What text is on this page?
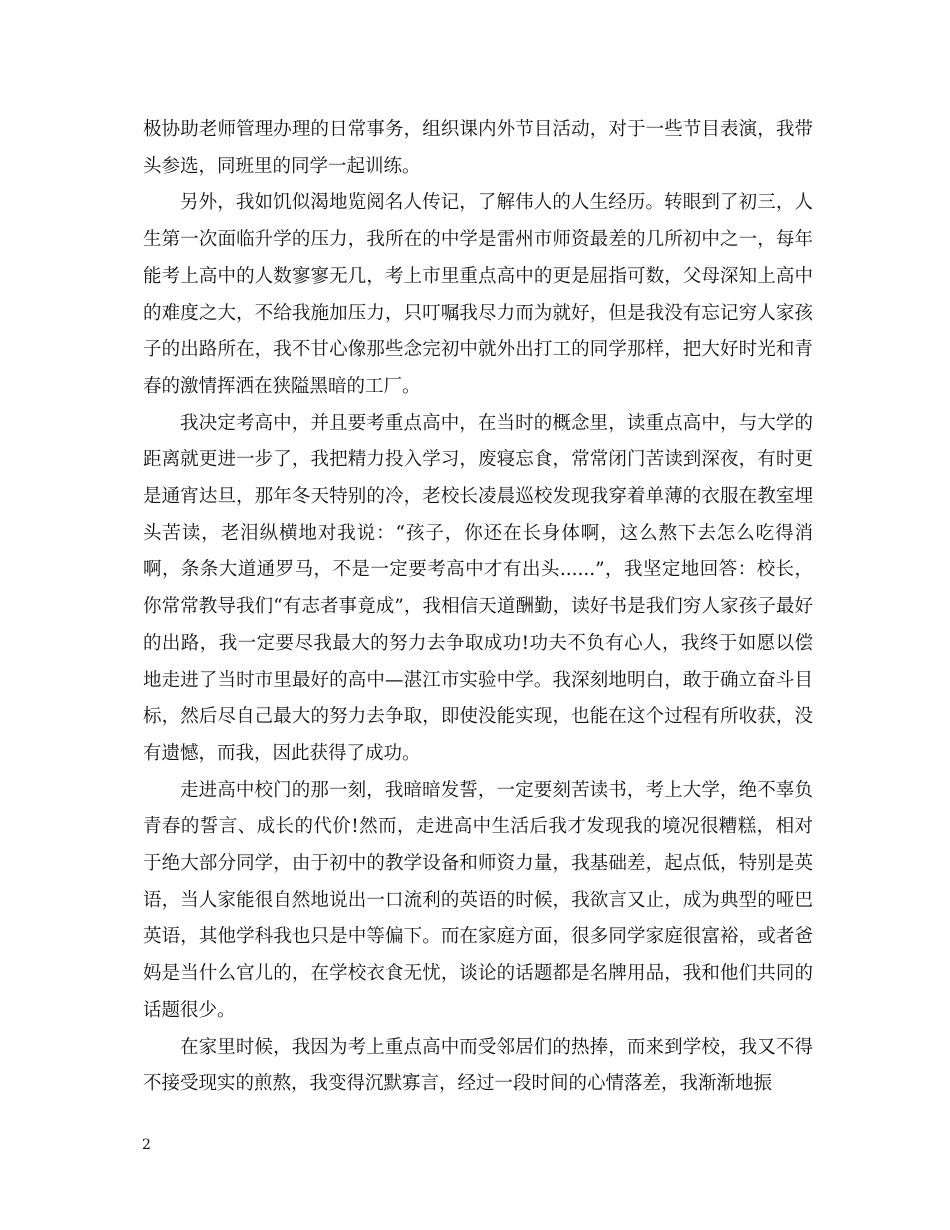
极协助老师管理办理的日常事务，组织课内外节目活动，对于一些节目表演，我带头参选，同班里的同学一起训练。

另外，我如饥似渴地览阅名人传记，了解伟人的人生经历。转眼到了初三，人生第一次面临升学的压力，我所在的中学是雷州市师资最差的几所初中之一，每年能考上高中的人数寥寥无几，考上市里重点高中的更是屈指可数，父母深知上高中的难度之大，不给我施加压力，只叮嘱我尽力而为就好，但是我没有忘记穷人家孩子的出路所在，我不甘心像那些念完初中就外出打工的同学那样，把大好时光和青春的激情挥洒在狭隘黑暗的工厂。

我决定考高中，并且要考重点高中，在当时的概念里，读重点高中，与大学的距离就更进一步了，我把精力投入学习，废寝忘食，常常闭门苦读到深夜，有时更是通宵达旦，那年冬天特别的冷，老校长凌晨巡校发现我穿着单薄的衣服在教室埋头苦读，老泪纵横地对我说：“孩子，你还在长身体啊，这么熬下去怎么吃得消啊，条条大道通罗马，不是一定要考高中才有出头......”，我坚定地回答：校长，你常常教导我们“有志者事竟成”，我相信天道酬勤，读好书是我们穷人家孩子最好的出路，我一定要尽我最大的努力去争取成功!功夫不负有心人，我终于如愿以偿地走进了当时市里最好的高中—湛江市实验中学。我深刻地明白，敢于确立奋斗目标，然后尽自己最大的努力去争取，即使没能实现，也能在这个过程有所收获，没有遗憾，而我，因此获得了成功。

走进高中校门的那一刻，我暗暗发誓，一定要刻苦读书，考上大学，绝不辜负青春的誓言、成长的代价!然而，走进高中生活后我才发现我的境况很糟糕，相对于绝大部分同学，由于初中的教学设备和师资力量，我基础差，起点低，特别是英语，当人家能很自然地说出一口流利的英语的时候，我欲言又止，成为典型的哑巴英语，其他学科我也只是中等偏下。而在家庭方面，很多同学家庭很富裕，或者爸妈是当什么官儿的，在学校衣食无忧，谈论的话题都是名牌用品，我和他们共同的话题很少。

在家里时候，我因为考上重点高中而受邻居们的热捧，而来到学校，我又不得不接受现实的煎熬，我变得沉默寡言，经过一段时间的心情落差，我渐渐地振

2
